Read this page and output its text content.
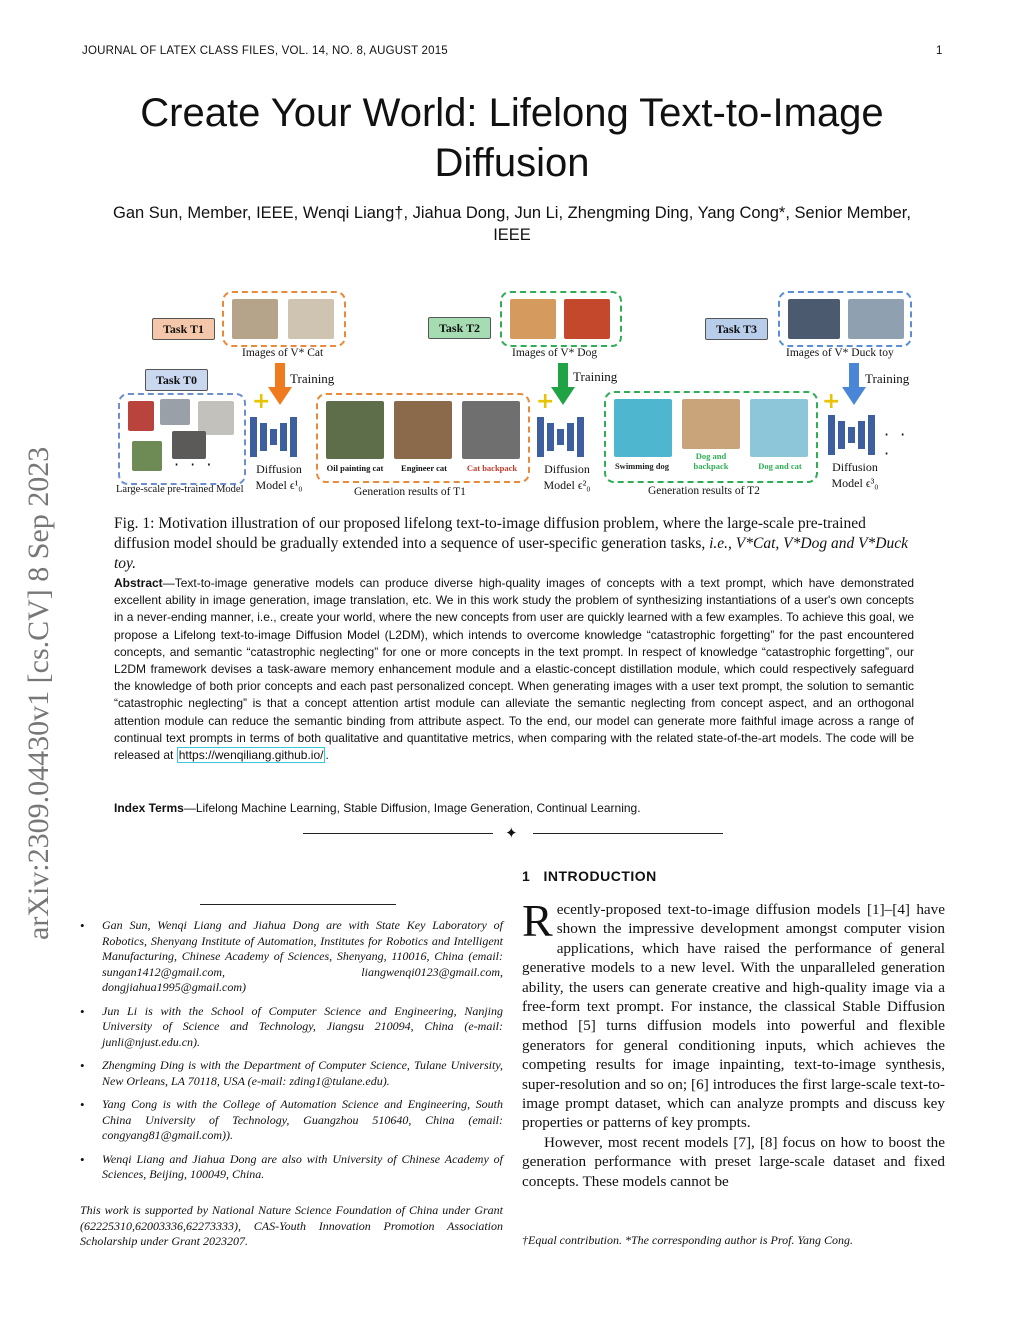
JOURNAL OF LATEX CLASS FILES, VOL. 14, NO. 8, AUGUST 2015	1
arXiv:2309.04430v1 [cs.CV] 8 Sep 2023
Create Your World: Lifelong Text-to-Image Diffusion
Gan Sun, Member, IEEE, Wenqi Liang†, Jiahua Dong, Jun Li, Zhengming Ding, Yang Cong*, Senior Member, IEEE
Task T0
· · ·
Large-scale pre-trained Model
Task T1
Images of V* Cat
Training
+
Diffusion Model ϵ¹₀
Oil painting cat	Engineer cat	Cat backpack
Generation results of T1
Task T2
Images of V* Dog
Training
+
Diffusion Model ϵ²₀
Swimming dog
Dog and backpack	Dog and cat
Generation results of T2
Task T3
Images of V* Duck toy
Training
+
· · ·
Diffusion Model ϵ³₀
Fig. 1: Motivation illustration of our proposed lifelong text-to-image diffusion problem, where the large-scale pre-trained diffusion model should be gradually extended into a sequence of user-specific generation tasks, i.e., V*Cat, V*Dog and V*Duck toy.
Abstract—Text-to-image generative models can produce diverse high-quality images of concepts with a text prompt, which have demonstrated excellent ability in image generation, image translation, etc. We in this work study the problem of synthesizing instantiations of a user's own concepts in a never-ending manner, i.e., create your world, where the new concepts from user are quickly learned with a few examples. To achieve this goal, we propose a Lifelong text-to-image Diffusion Model (L2DM), which intends to overcome knowledge “catastrophic forgetting” for the past encountered concepts, and semantic “catastrophic neglecting” for one or more concepts in the text prompt. In respect of knowledge “catastrophic forgetting”, our L2DM framework devises a task-aware memory enhancement module and a elastic-concept distillation module, which could respectively safeguard the knowledge of both prior concepts and each past personalized concept. When generating images with a user text prompt, the solution to semantic “catastrophic neglecting” is that a concept attention artist module can alleviate the semantic neglecting from concept aspect, and an orthogonal attention module can reduce the semantic binding from attribute aspect. To the end, our model can generate more faithful image across a range of continual text prompts in terms of both qualitative and quantitative metrics, when comparing with the related state-of-the-art models. The code will be released at https://wenqiliang.github.io/ .
Index Terms—Lifelong Machine Learning, Stable Diffusion, Image Generation, Continual Learning.
✦
1 INTRODUCTION

Recently-proposed text-to-image diffusion models [1]–[4] have shown the impressive development amongst computer vision applications, which have raised the performance of general generative models to a new level. With the unparalleled generation ability, the users can generate creative and high-quality image via a free-form text prompt. For instance, the classical Stable Diffusion method [5] turns diffusion models into powerful and flexible generators for general conditioning inputs, which achieves the competing results for image inpainting, text-to-image synthesis, super-resolution and so on; [6] introduces the first large-scale text-to-image prompt dataset, which can analyze prompts and discuss key properties or patterns of key prompts.

However, most recent models [7], [8] focus on how to boost the generation performance with preset large-scale dataset and fixed concepts. These models cannot be

†Equal contribution. *The corresponding author is Prof. Yang Cong.
• Gan Sun, Wenqi Liang and Jiahua Dong are with State Key Laboratory of Robotics, Shenyang Institute of Automation, Institutes for Robotics and Intelligent Manufacturing, Chinese Academy of Sciences, Shenyang, 110016, China (email: sungan1412@gmail.com, liangwenqi0123@gmail.com, dongjiahua1995@gmail.com)
• Jun Li is with the School of Computer Science and Engineering, Nanjing University of Science and Technology, Jiangsu 210094, China (e-mail: junli@njust.edu.cn).
• Zhengming Ding is with the Department of Computer Science, Tulane University, New Orleans, LA 70118, USA (e-mail: zding1@tulane.edu).
• Yang Cong is with the College of Automation Science and Engineering, South China University of Technology, Guangzhou 510640, China (email: congyang81@gmail.com)).
• Wenqi Liang and Jiahua Dong are also with University of Chinese Academy of Sciences, Beijing, 100049, China.
This work is supported by National Nature Science Foundation of China under Grant (62225310,62003336,62273333), CAS-Youth Innovation Promotion Association Scholarship under Grant 2023207.
